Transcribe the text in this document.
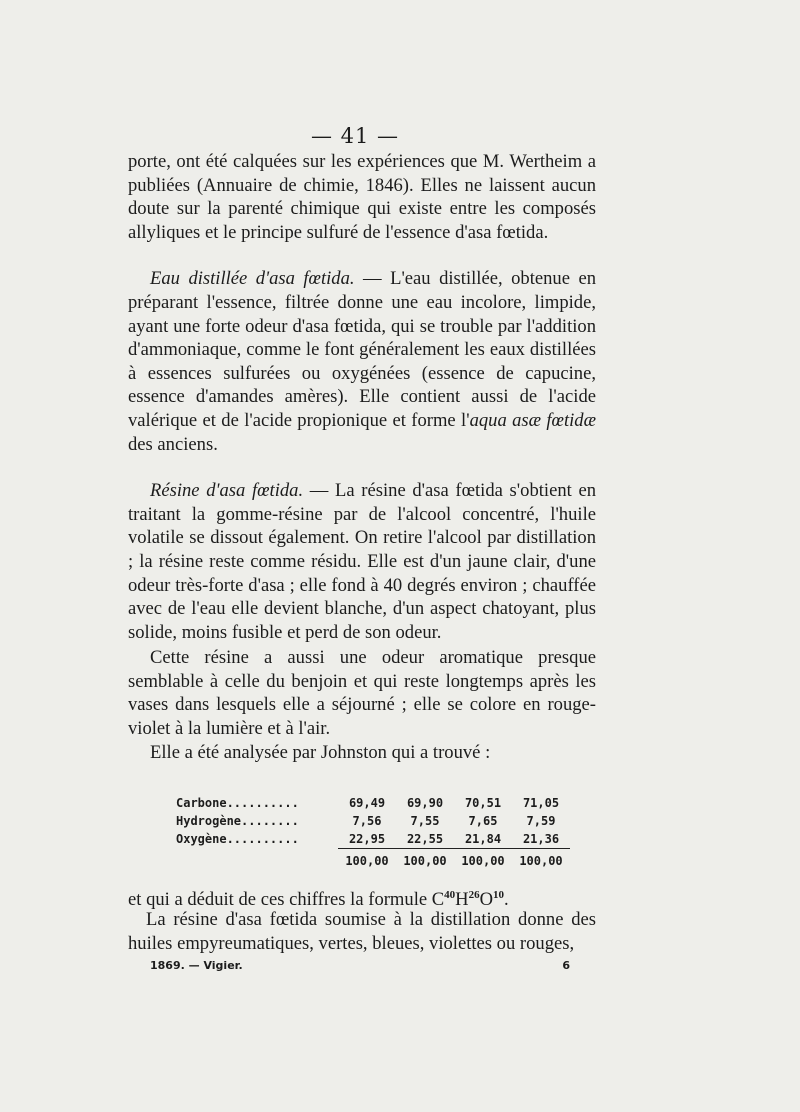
— 41 —

porte, ont été calquées sur les expériences que M. Wertheim a publiées (Annuaire de chimie, 1846). Elles ne laissent aucun doute sur la parenté chimique qui existe entre les composés allyliques et le principe sulfuré de l'essence d'asa fœtida.

Eau distillée d'asa fœtida. — L'eau distillée, obtenue en préparant l'essence, filtrée donne une eau incolore, limpide, ayant une forte odeur d'asa fœtida, qui se trouble par l'addition d'ammoniaque, comme le font généralement les eaux distillées à essences sulfurées ou oxygénées (essence de capucine, essence d'amandes amères). Elle contient aussi de l'acide valérique et de l'acide propionique et forme l'aqua asæ fœtidæ des anciens.

Résine d'asa fœtida. — La résine d'asa fœtida s'obtient en traitant la gomme-résine par de l'alcool concentré, l'huile volatile se dissout également. On retire l'alcool par distillation ; la résine reste comme résidu. Elle est d'un jaune clair, d'une odeur très-forte d'asa ; elle fond à 40 degrés environ ; chauffée avec de l'eau elle devient blanche, d'un aspect chatoyant, plus solide, moins fusible et perd de son odeur.

Cette résine a aussi une odeur aromatique presque semblable à celle du benjoin et qui reste longtemps après les vases dans lesquels elle a séjourné ; elle se colore en rouge-violet à la lumière et à l'air.

Elle a été analysée par Johnston qui a trouvé :

Carbone..........	69,49	69,90	70,51	71,05
Hydrogène........	7,56	7,55	7,65	7,59
Oxygène..........	22,95	22,55	21,84	21,36
	100,00	100,00	100,00	100,00
et qui a déduit de ces chiffres la formule $C^{40}H^{26}O^{10}$.
La résine d'asa fœtida soumise à la distillation donne des huiles empyreumatiques, vertes, bleues, violettes ou rouges,
1869. — Vigier.	6
